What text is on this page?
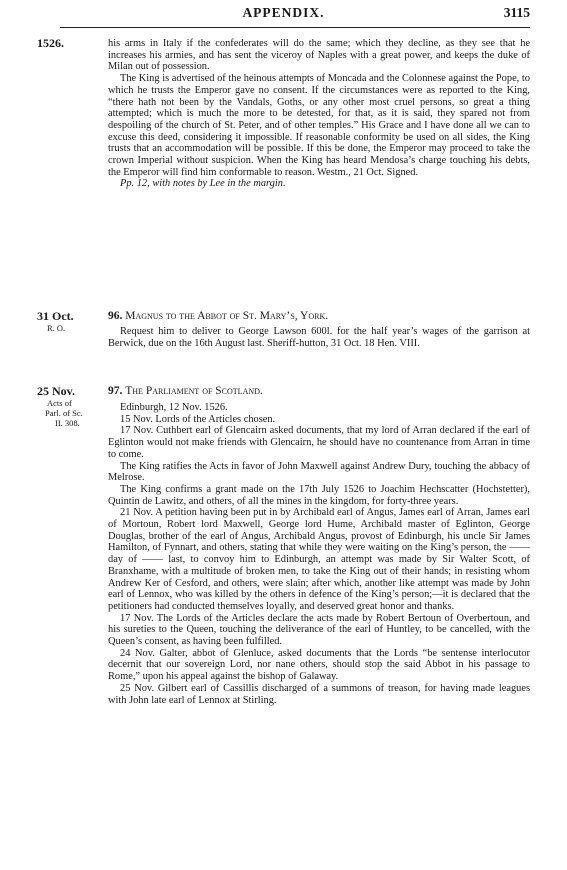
APPENDIX.	3115
1526.	his arms in Italy if the confederates will do the same; which they decline, as they see that he increases his armies, and has sent the viceroy of Naples with a great power, and keeps the duke of Milan out of possession.

The King is advertised of the heinous attempts of Moncada and the Colonnese against the Pope, to which he trusts the Emperor gave no consent. If the circumstances were as reported to the King, “there hath not been by the Vandals, Goths, or any other most cruel persons, so great a thing attempted; which is much the more to be detested, for that, as it is said, they spared not from despoiling of the church of St. Peter, and of other temples.” His Grace and I have done all we can to excuse this deed, considering it impossible. If reasonable conformity be used on all sides, the King trusts that an accommodation will be possible. If this be done, the Emperor may proceed to take the crown Imperial without suspicion. When the King has heard Mendosa’s charge touching his debts, the Emperor will find him conformable to reason. Westm., 21 Oct. Signed.

Pp. 12, with notes by Lee in the margin.

31 Oct.
R. O.
96. Magnus to the Abbot of St. Mary’s, York.

Request him to deliver to George Lawson 600l. for the half year’s wages of the garrison at Berwick, due on the 16th August last. Sheriff-hutton, 31 Oct. 18 Hen. VIII.

25 Nov.
Acts of
Parl. of Sc.
II. 308.
97. The Parliament of Scotland.

Edinburgh, 12 Nov. 1526.

15 Nov. Lords of the Articles chosen.

17 Nov. Cuthbert earl of Glencairn asked documents, that my lord of Arran declared if the earl of Eglinton would not make friends with Glencairn, he should have no countenance from Arran in time to come.

The King ratifies the Acts in favor of John Maxwell against Andrew Dury, touching the abbacy of Melrose.

The King confirms a grant made on the 17th July 1526 to Joachim Hechscatter (Hochstetter), Quintin de Lawitz, and others, of all the mines in the kingdom, for forty-three years.

21 Nov. A petition having been put in by Archibald earl of Angus, James earl of Arran, James earl of Mortoun, Robert lord Maxwell, George lord Hume, Archibald master of Eglinton, George Douglas, brother of the earl of Angus, Archibald Angus, provost of Edinburgh, his uncle Sir James Hamilton, of Fynnart, and others, stating that while they were waiting on the King’s person, the —— day of —— last, to convoy him to Edinburgh, an attempt was made by Sir Walter Scott, of Branxhame, with a multitude of broken men, to take the King out of their hands; in resisting whom Andrew Ker of Cesford, and others, were slain; after which, another like attempt was made by John earl of Lennox, who was killed by the others in defence of the King’s person;—it is declared that the petitioners had conducted themselves loyally, and deserved great honor and thanks.

17 Nov. The Lords of the Articles declare the acts made by Robert Bertoun of Overbertoun, and his sureties to the Queen, touching the deliverance of the earl of Huntley, to be cancelled, with the Queen’s consent, as having been fulfilled.

24 Nov. Galter, abbot of Glenluce, asked documents that the Lords “be sentense interlocutor decernit that our sovereign Lord, nor nane others, should stop the said Abbot in his passage to Rome,” upon his appeal against the bishop of Galaway.

25 Nov. Gilbert earl of Cassillis discharged of a summons of treason, for having made leagues with John late earl of Lennox at Stirling.
